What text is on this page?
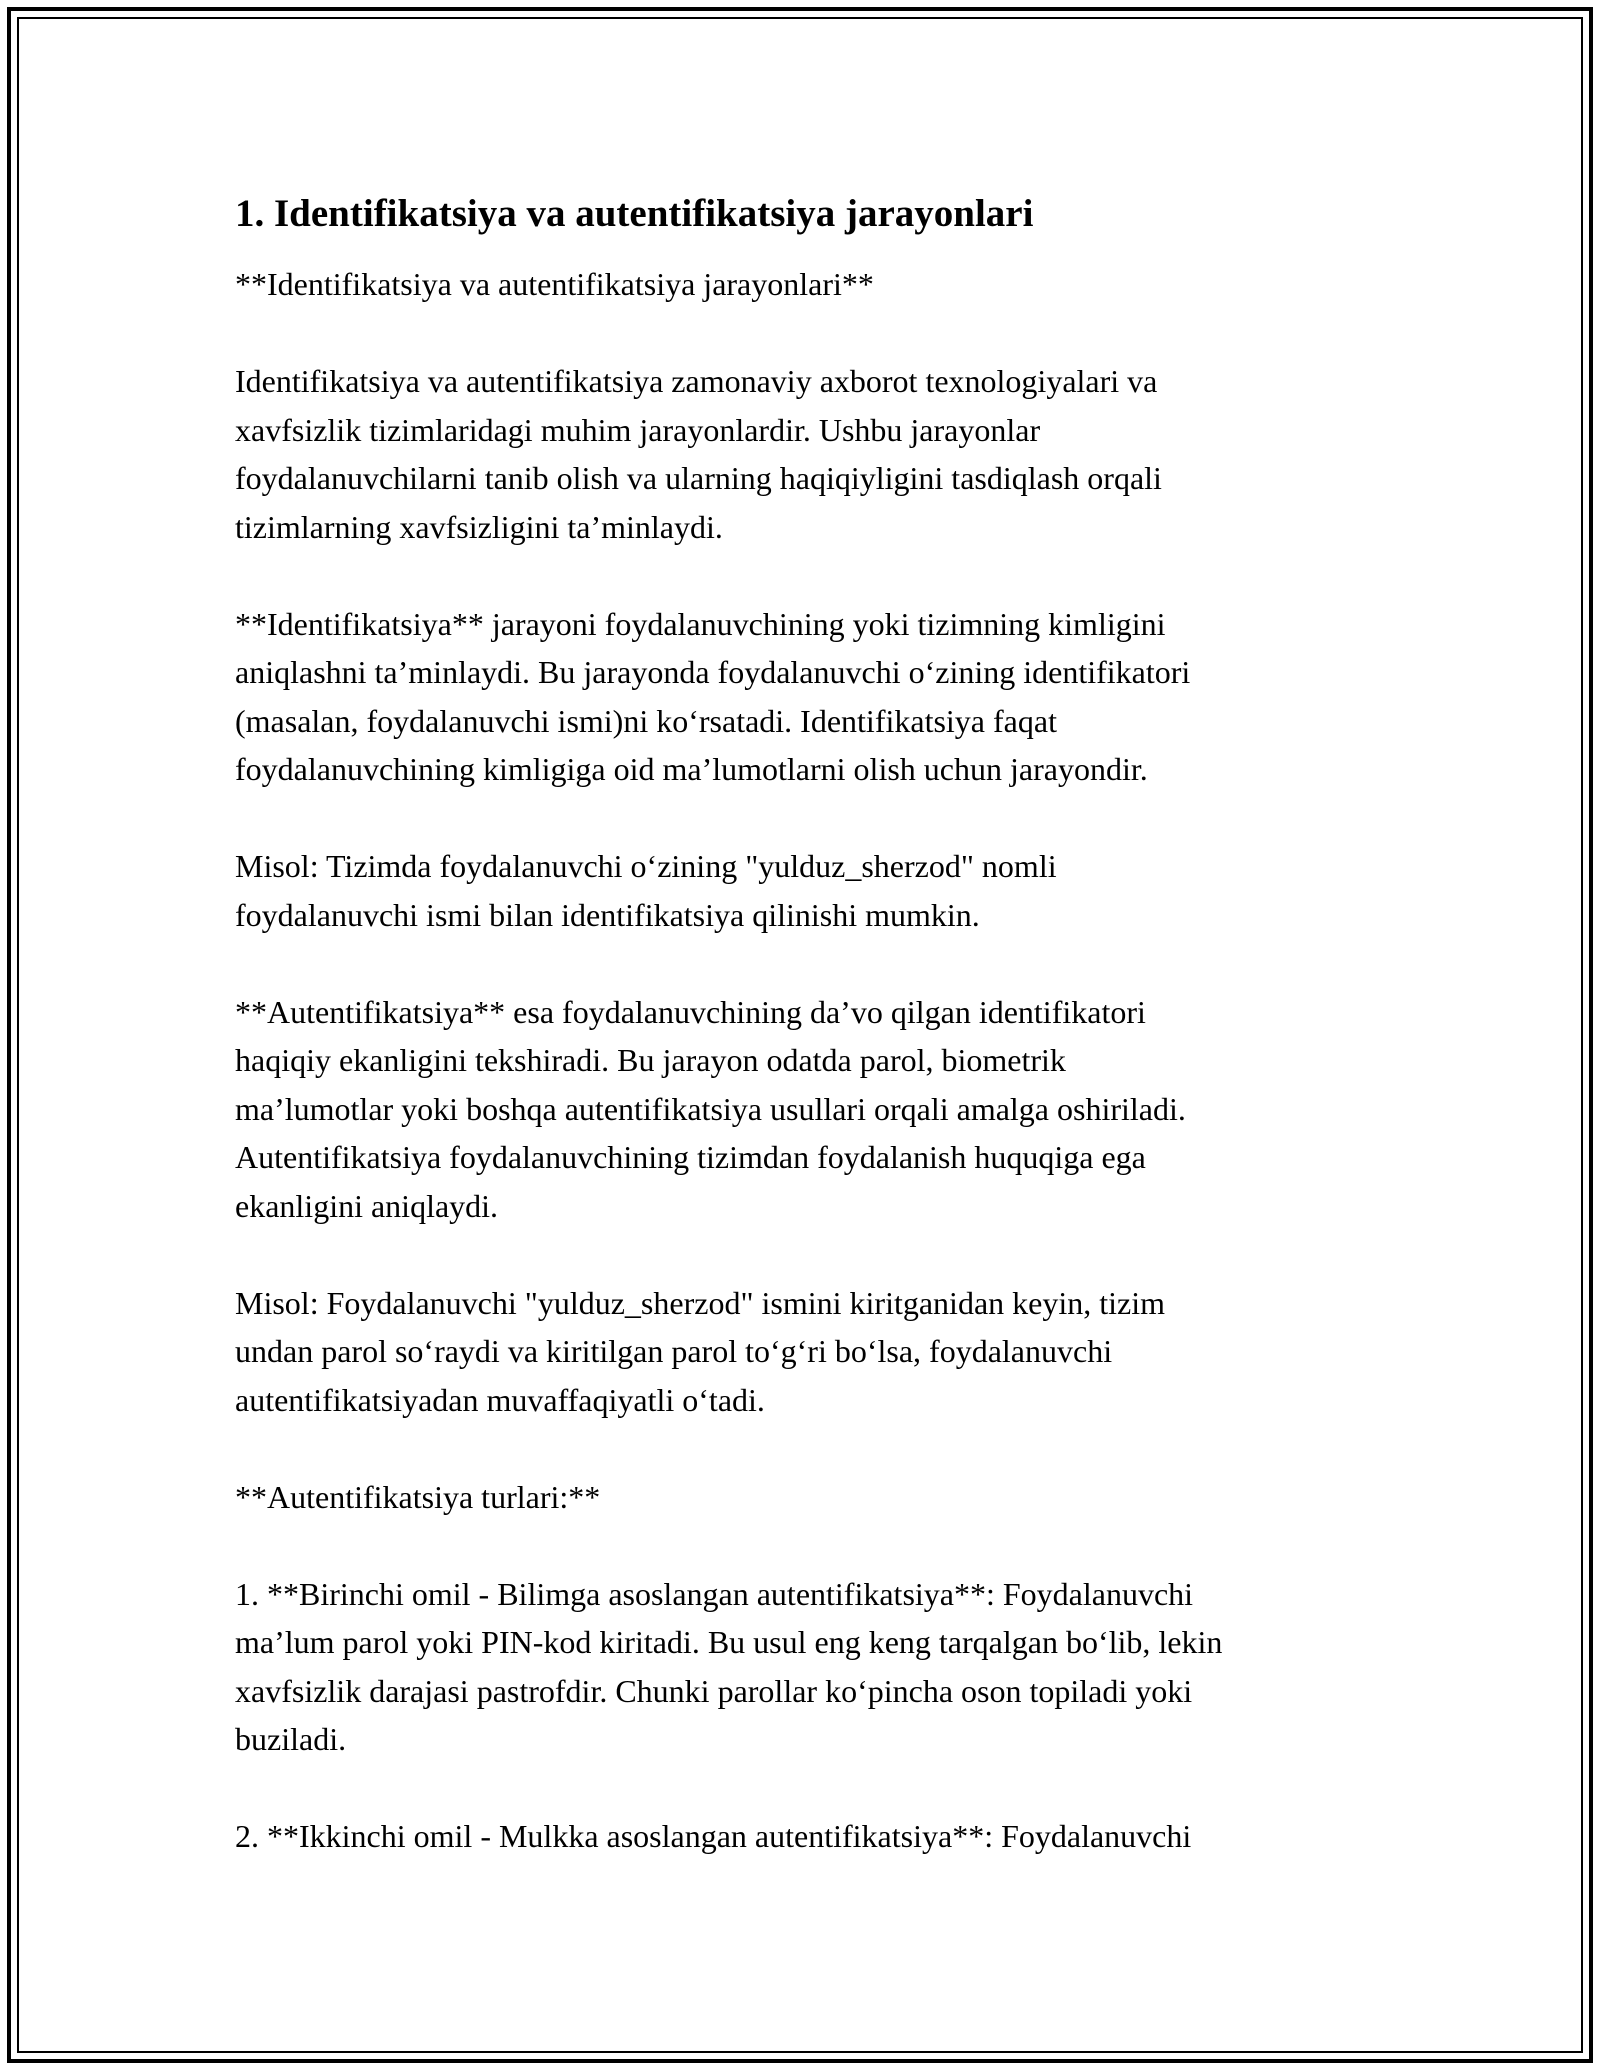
1. Identifikatsiya va autentifikatsiya jarayonlari
**Identifikatsiya va autentifikatsiya jarayonlari**
Identifikatsiya va autentifikatsiya zamonaviy axborot texnologiyalari va
xavfsizlik tizimlaridagi muhim jarayonlardir. Ushbu jarayonlar
foydalanuvchilarni tanib olish va ularning haqiqiyligini tasdiqlash orqali
tizimlarning xavfsizligini ta’minlaydi.
**Identifikatsiya** jarayoni foydalanuvchining yoki tizimning kimligini
aniqlashni ta’minlaydi. Bu jarayonda foydalanuvchi o‘zining identifikatori
(masalan, foydalanuvchi ismi)ni ko‘rsatadi. Identifikatsiya faqat
foydalanuvchining kimligiga oid ma’lumotlarni olish uchun jarayondir.
Misol: Tizimda foydalanuvchi o‘zining "yulduz_sherzod" nomli
foydalanuvchi ismi bilan identifikatsiya qilinishi mumkin.
**Autentifikatsiya** esa foydalanuvchining da’vo qilgan identifikatori
haqiqiy ekanligini tekshiradi. Bu jarayon odatda parol, biometrik
ma’lumotlar yoki boshqa autentifikatsiya usullari orqali amalga oshiriladi.
Autentifikatsiya foydalanuvchining tizimdan foydalanish huquqiga ega
ekanligini aniqlaydi.
Misol: Foydalanuvchi "yulduz_sherzod" ismini kiritganidan keyin, tizim
undan parol so‘raydi va kiritilgan parol to‘g‘ri bo‘lsa, foydalanuvchi
autentifikatsiyadan muvaffaqiyatli o‘tadi.
**Autentifikatsiya turlari:**
1. **Birinchi omil - Bilimga asoslangan autentifikatsiya**: Foydalanuvchi
ma’lum parol yoki PIN-kod kiritadi. Bu usul eng keng tarqalgan bo‘lib, lekin
xavfsizlik darajasi pastrofdir. Chunki parollar ko‘pincha oson topiladi yoki
buziladi.
2. **Ikkinchi omil - Mulkka asoslangan autentifikatsiya**: Foydalanuvchi
